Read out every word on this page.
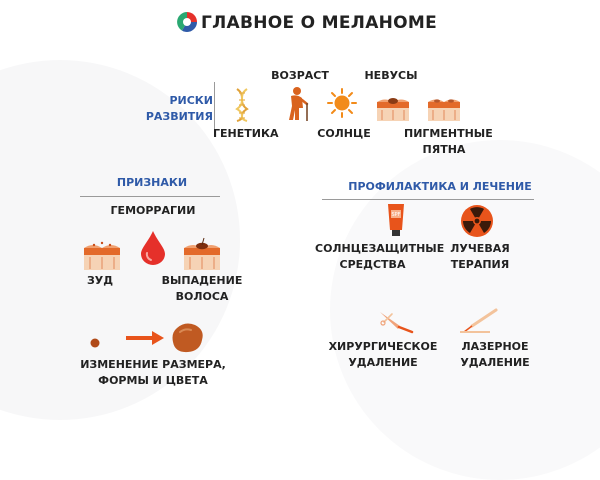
ГЛАВНОЕ О МЕЛАНОМЕ
РИСКИ
РАЗВИТИЯ
ГЕНЕТИКА
ВОЗРАСТ
СОЛНЦЕ
НЕВУСЫ
ПИГМЕНТНЫЕ
ПЯТНА
ПРИЗНАКИ
ГЕМОРРАГИИ
ЗУД	ВЫПАДЕНИЕ
ВОЛОСА
ИЗМЕНЕНИЕ РАЗМЕРА,
ФОРМЫ И ЦВЕТА
ПРОФИЛАКТИКА И ЛЕЧЕНИЕ
SPF
СОЛНЦЕЗАЩИТНЫЕ
СРЕДСТВА
ЛУЧЕВАЯ
ТЕРАПИЯ
ХИРУРГИЧЕСКОЕ
УДАЛЕНИЕ
ЛАЗЕРНОЕ
УДАЛЕНИЕ
